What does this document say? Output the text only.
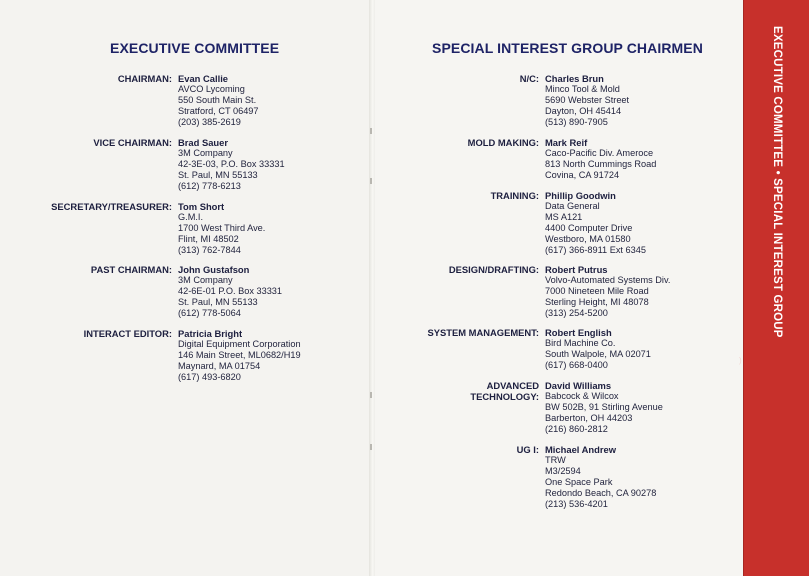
EXECUTIVE COMMITTEE	SPECIAL INTEREST GROUP CHAIRMEN	EXECUTIVE COMMITTEE • SPECIAL INTEREST GROUP
)
CHAIRMAN: Evan Callie
AVCO Lycoming
550 South Main St.
Stratford, CT 06497
(203) 385-2619
VICE CHAIRMAN: Brad Sauer
3M Company
42-3E-03, P.O. Box 33331
St. Paul, MN 55133
(612) 778-6213
SECRETARY/TREASURER: Tom Short
G.M.I.
1700 West Third Ave.
Flint, MI 48502
(313) 762-7844
PAST CHAIRMAN: John Gustafson
3M Company
42-6E-01 P.O. Box 33331
St. Paul, MN 55133
(612) 778-5064
INTERACT EDITOR: Patricia Bright
Digital Equipment Corporation
146 Main Street, ML0682/H19
Maynard, MA 01754
(617) 493-6820
N/C: Charles Brun
Minco Tool & Mold
5690 Webster Street
Dayton, OH 45414
(513) 890-7905
MOLD MAKING: Mark Reif
Caco-Pacific Div. Ameroce
813 North Cummings Road
Covina, CA 91724
TRAINING: Phillip Goodwin
Data General
MS A121
4400 Computer Drive
Westboro, MA 01580
(617) 366-8911 Ext 6345
DESIGN/DRAFTING: Robert Putrus
Volvo-Automated Systems Div.
7000 Nineteen Mile Road
Sterling Height, MI 48078
(313) 254-5200
SYSTEM MANAGEMENT: Robert English
Bird Machine Co.
South Walpole, MA 02071
(617) 668-0400
ADVANCED
TECHNOLOGY:
David Williams
Babcock & Wilcox
BW 502B, 91 Stirling Avenue
Barberton, OH 44203
(216) 860-2812
UG I: Michael Andrew
TRW
M3/2594
One Space Park
Redondo Beach, CA 90278
(213) 536-4201
